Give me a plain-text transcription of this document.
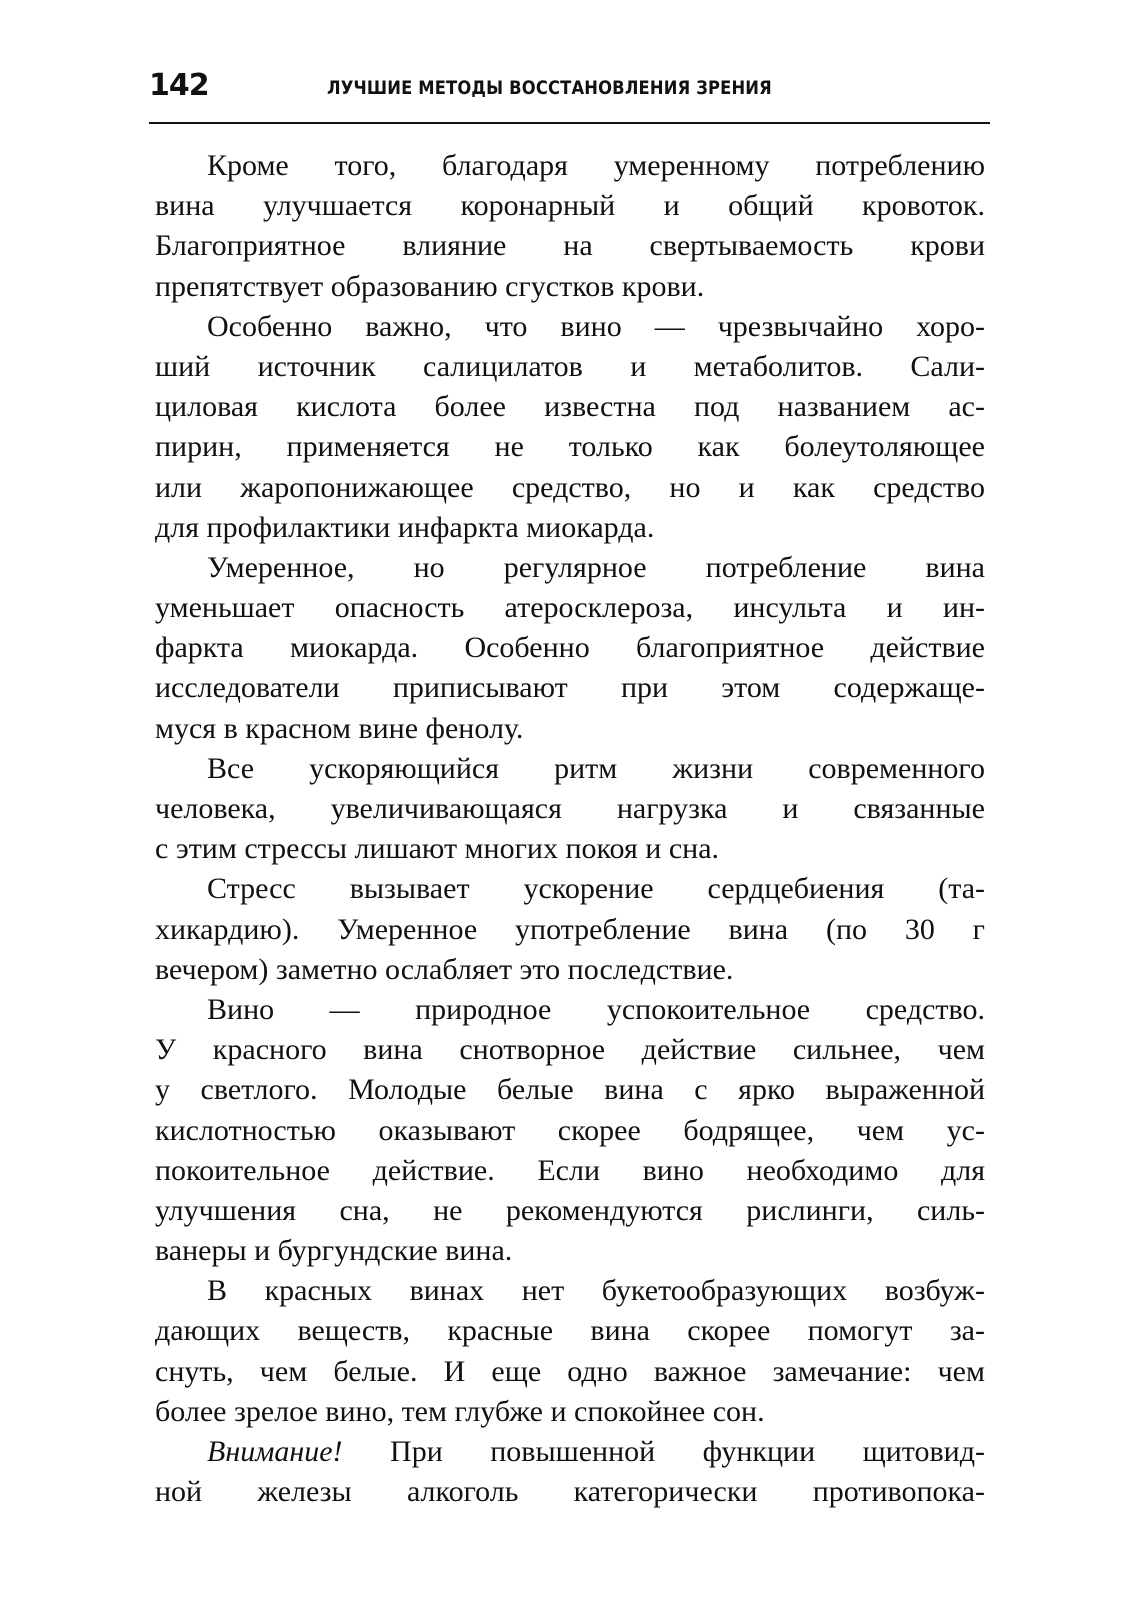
142	ЛУЧШИЕ МЕТОДЫ ВОССТАНОВЛЕНИЯ ЗРЕНИЯ
Кроме того, благодаря умеренному потреблению
вина улучшается коронарный и общий кровоток.
Благоприятное влияние на свертываемость крови
препятствует образованию сгустков крови.
Особенно важно, что вино — чрезвычайно хоро-
ший источник салицилатов и метаболитов. Сали-
циловая кислота более известна под названием ас-
пирин, применяется не только как болеутоляющее
или жаропонижающее средство, но и как средство
для профилактики инфаркта миокарда.
Умеренное, но регулярное потребление вина
уменьшает опасность атеросклероза, инсульта и ин-
фаркта миокарда. Особенно благоприятное действие
исследователи приписывают при этом содержаще-
муся в красном вине фенолу.
Все ускоряющийся ритм жизни современного
человека, увеличивающаяся нагрузка и связанные
с этим стрессы лишают многих покоя и сна.
Стресс вызывает ускорение сердцебиения (та-
хикардию). Умеренное употребление вина (по 30 г
вечером) заметно ослабляет это последствие.
Вино — природное успокоительное средство.
У красного вина снотворное действие сильнее, чем
у светлого. Молодые белые вина с ярко выраженной
кислотностью оказывают скорее бодрящее, чем ус-
покоительное действие. Если вино необходимо для
улучшения сна, не рекомендуются рислинги, силь-
ванеры и бургундские вина.
В красных винах нет букетообразующих возбуж-
дающих веществ, красные вина скорее помогут за-
снуть, чем белые. И еще одно важное замечание: чем
более зрелое вино, тем глубже и спокойнее сон.
Внимание! При повышенной функции щитовид-
ной железы алкоголь категорически противопока-
